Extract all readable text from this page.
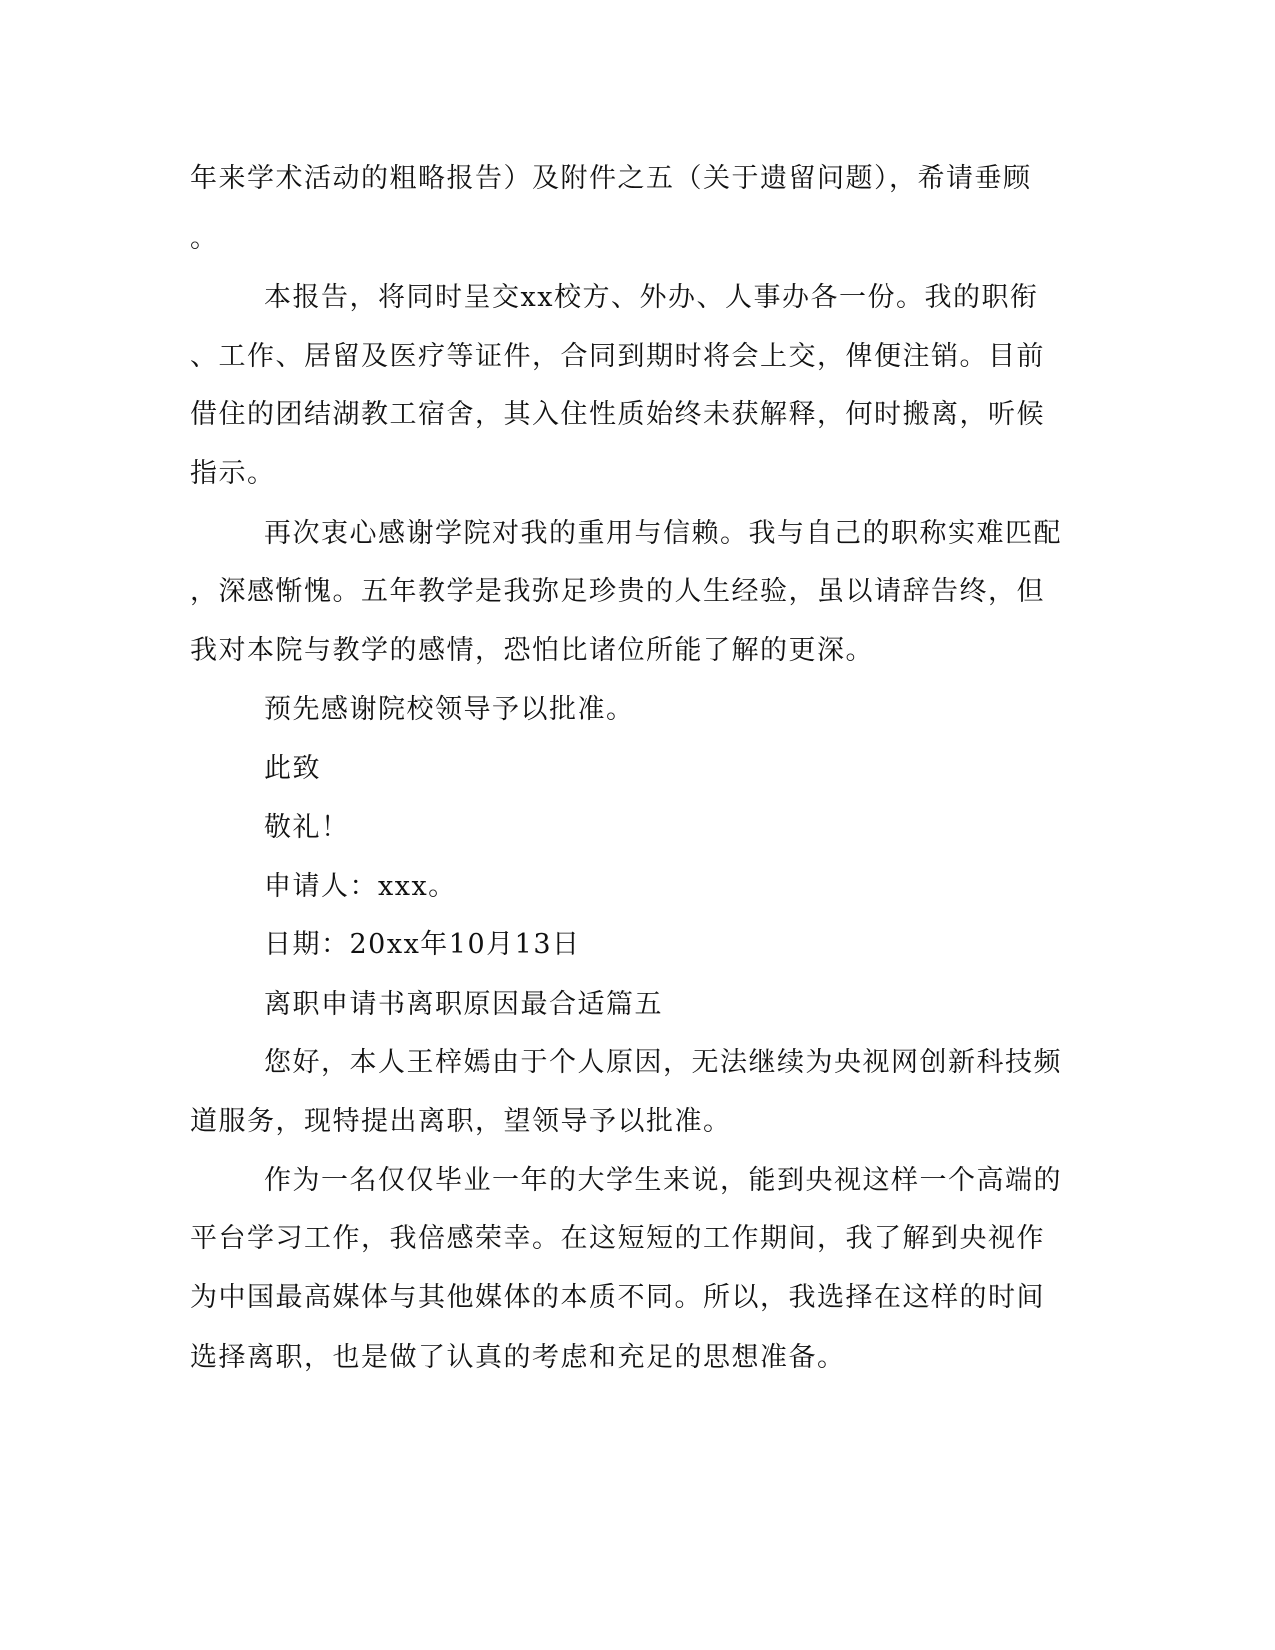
年来学术活动的粗略报告）及附件之五（关于遗留问题），希请垂顾
。
本报告，将同时呈交xx校方、外办、人事办各一份。我的职衔
、工作、居留及医疗等证件，合同到期时将会上交，俾便注销。目前
借住的团结湖教工宿舍，其入住性质始终未获解释，何时搬离，听候
指示。
再次衷心感谢学院对我的重用与信赖。我与自己的职称实难匹配
，深感惭愧。五年教学是我弥足珍贵的人生经验，虽以请辞告终，但
我对本院与教学的感情，恐怕比诸位所能了解的更深。
预先感谢院校领导予以批准。
此致
敬礼！
申请人：xxx。
日期：20xx年10月13日
离职申请书离职原因最合适篇五
您好，本人王梓嫣由于个人原因，无法继续为央视网创新科技频
道服务，现特提出离职，望领导予以批准。
作为一名仅仅毕业一年的大学生来说，能到央视这样一个高端的
平台学习工作，我倍感荣幸。在这短短的工作期间，我了解到央视作
为中国最高媒体与其他媒体的本质不同。所以，我选择在这样的时间
选择离职，也是做了认真的考虑和充足的思想准备。
